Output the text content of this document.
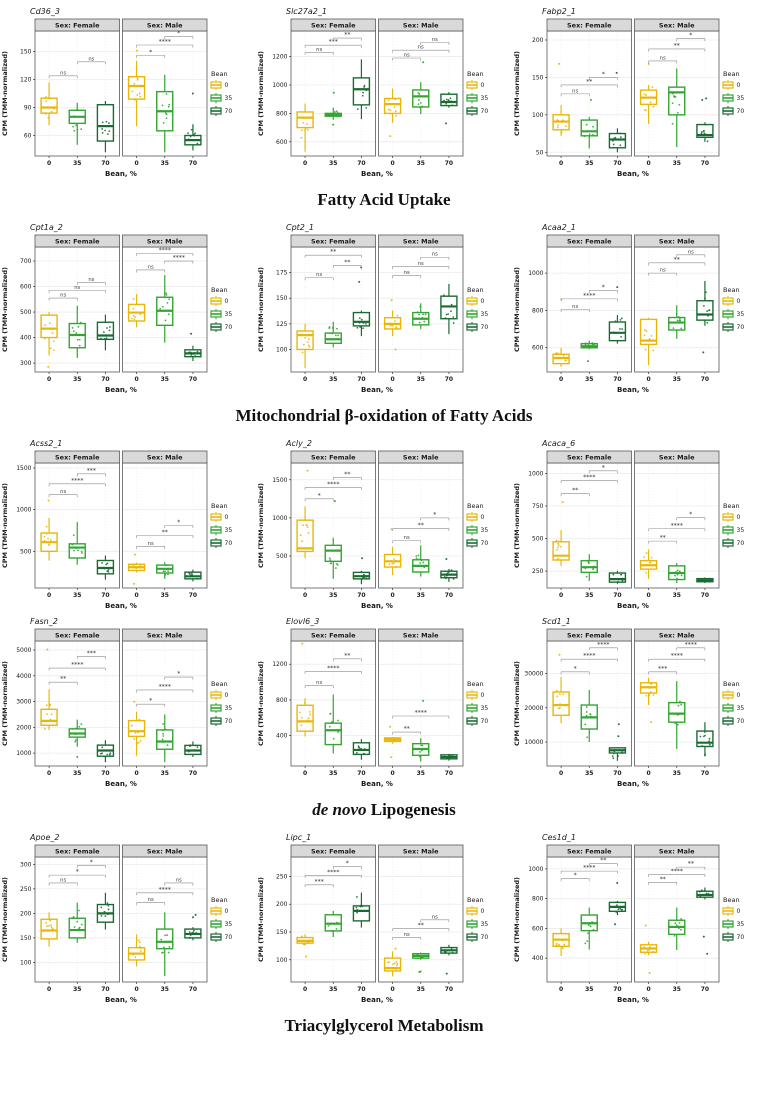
Cd36_3
Sex: Female
ns
ns
0	35	70
Sex: Male
*
****
*
0	35	70
60
90
120
150
CPM (TMM-normalized)
Bean, %
Bean
0
35
70
Slc27a2_1
Sex: Female
ns
***
**
0	35	70
Sex: Male
ns
ns
ns
0	35	70
600
800
1000
1200
CPM (TMM-normalized)
Bean, %
Bean
0
35
70
Fabp2_1
Sex: Female
ns
**
*
0	35	70
Sex: Male
ns
**
*
0	35	70
50
100
150
200
CPM (TMM-normalized)
Bean, %
Bean
0
35
70
Fatty Acid Uptake
Cpt1a_2
Sex: Female
ns
ns
ns
0	35	70
Sex: Male
ns
****
****
0	35	70
300
400
500
600
700
CPM (TMM-normalized)
Bean, %
Bean
0
35
70
Cpt2_1
Sex: Female
ns
**
**
0	35	70
Sex: Male
ns
ns
ns
0	35	70
100
125
150
175
CPM (TMM-normalized)
Bean, %
Bean
0
35
70
Acaa2_1
Sex: Female
ns
****
*
0	35	70
Sex: Male
ns
**
ns
0	35	70
600
800
1000
CPM (TMM-normalized)
Bean, %
Bean
0
35
70
Mitochondrial β-oxidation of Fatty Acids
Acss2_1
Sex: Female
ns
****
***
0	35	70
Sex: Male
ns
**
*
0	35	70
500
1000
1500
CPM (TMM-normalized)
Bean, %
Bean
0
35
70
Acly_2
Sex: Female
*
****
**
0	35	70
Sex: Male
ns
**
*
0	35	70
500
1000
1500
CPM (TMM-normalized)
Bean, %
Bean
0
35
70
Acaca_6
Sex: Female
**
****
*
0	35	70
Sex: Male
**
****
*
0	35	70
250
500
750
1000
CPM (TMM-normalized)
Bean, %
Bean
0
35
70
Fasn_2
Sex: Female
**
****
***
0	35	70
Sex: Male
*
****
*
0	35	70
1000
2000
3000
4000
5000
CPM (TMM-normalized)
Bean, %
Bean
0
35
70
Elovl6_3
Sex: Female
ns
****
**
0	35	70
Sex: Male
**
****
0	35	70
400
800
1200
CPM (TMM-normalized)
Bean, %
Bean
0
35
70
Scd1_1
Sex: Female
*
****
****
0	35	70
Sex: Male
***
****
****
0	35	70
10000
20000
30000
CPM (TMM-normalized)
Bean, %
Bean
0
35
70
de novo Lipogenesis
Apoe_2
Sex: Female
ns
*
*
0	35	70
Sex: Male
ns
****
ns
0	35	70
100
150
200
250
300
CPM (TMM-normalized)
Bean, %
Bean
0
35
70
Lipc_1
Sex: Female
***
****
*
0	35	70
Sex: Male
ns
**
ns
0	35	70
100
150
200
250
CPM (TMM-normalized)
Bean, %
Bean
0
35
70
Ces1d_1
Sex: Female
*
****
**
0	35	70
Sex: Male
**
****
**
0	35	70
400
600
800
1000
CPM (TMM-normalized)
Bean, %
Bean
0
35
70
Triacylglycerol Metabolism
